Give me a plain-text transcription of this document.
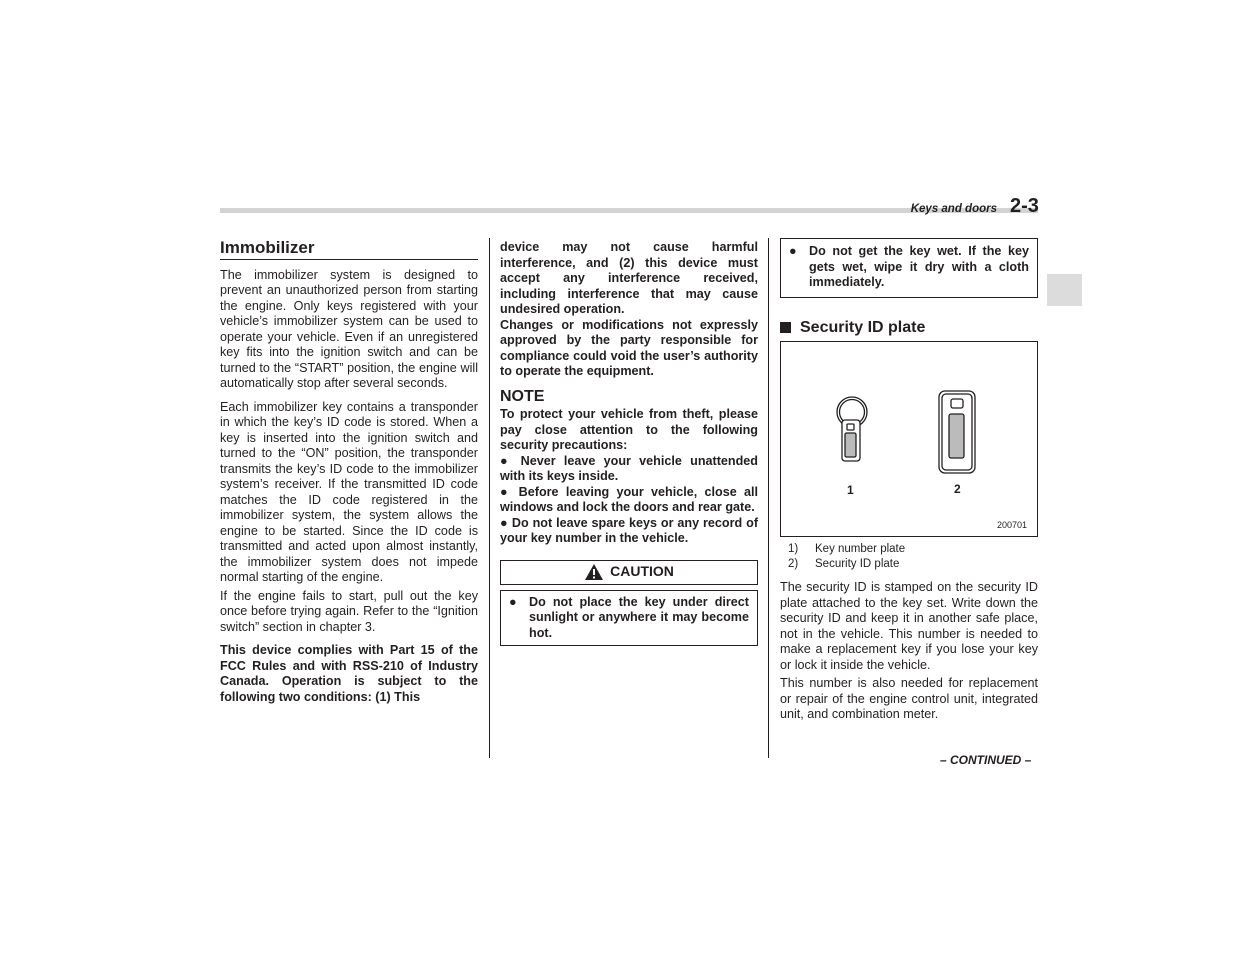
Keys and doors 2-3
Immobilizer

The immobilizer system is designed to prevent an unauthorized person from starting the engine. Only keys registered with your vehicle’s immobilizer system can be used to operate your vehicle. Even if an unregistered key fits into the ignition switch and can be turned to the “START” position, the engine will automatically stop after several seconds.

Each immobilizer key contains a transponder in which the key’s ID code is stored. When a key is inserted into the ignition switch and turned to the “ON” position, the transponder transmits the key’s ID code to the immobilizer system’s receiver. If the transmitted ID code matches the ID code registered in the immobilizer system, the system allows the engine to be started. Since the ID code is transmitted and acted upon almost instantly, the immobilizer system does not impede normal starting of the engine.

If the engine fails to start, pull out the key once before trying again. Refer to the “Ignition switch” section in chapter 3.

This device complies with Part 15 of the FCC Rules and with RSS-210 of Industry Canada. Operation is subject to the following two conditions: (1) This

device may not cause harmful interference, and (2) this device must accept any interference received, including interference that may cause undesired operation.

Changes or modifications not expressly approved by the party responsible for compliance could void the user’s authority to operate the equipment.

NOTE

To protect your vehicle from theft, please pay close attention to the following security precautions:

● Never leave your vehicle unattended with its keys inside.

● Before leaving your vehicle, close all windows and lock the doors and rear gate.

● Do not leave spare keys or any record of your key number in the vehicle.

CAUTION
● Do not place the key under direct sunlight or anywhere it may become hot.

● Do not get the key wet. If the key gets wet, wipe it dry with a cloth immediately.

Security ID plate
1	2
200701
1)	Key number plate
2)	Security ID plate

The security ID is stamped on the security ID plate attached to the key set. Write down the security ID and keep it in another safe place, not in the vehicle. This number is needed to make a replacement key if you lose your key or lock it inside the vehicle.

This number is also needed for replacement or repair of the engine control unit, integrated unit, and combination meter.

– CONTINUED –
